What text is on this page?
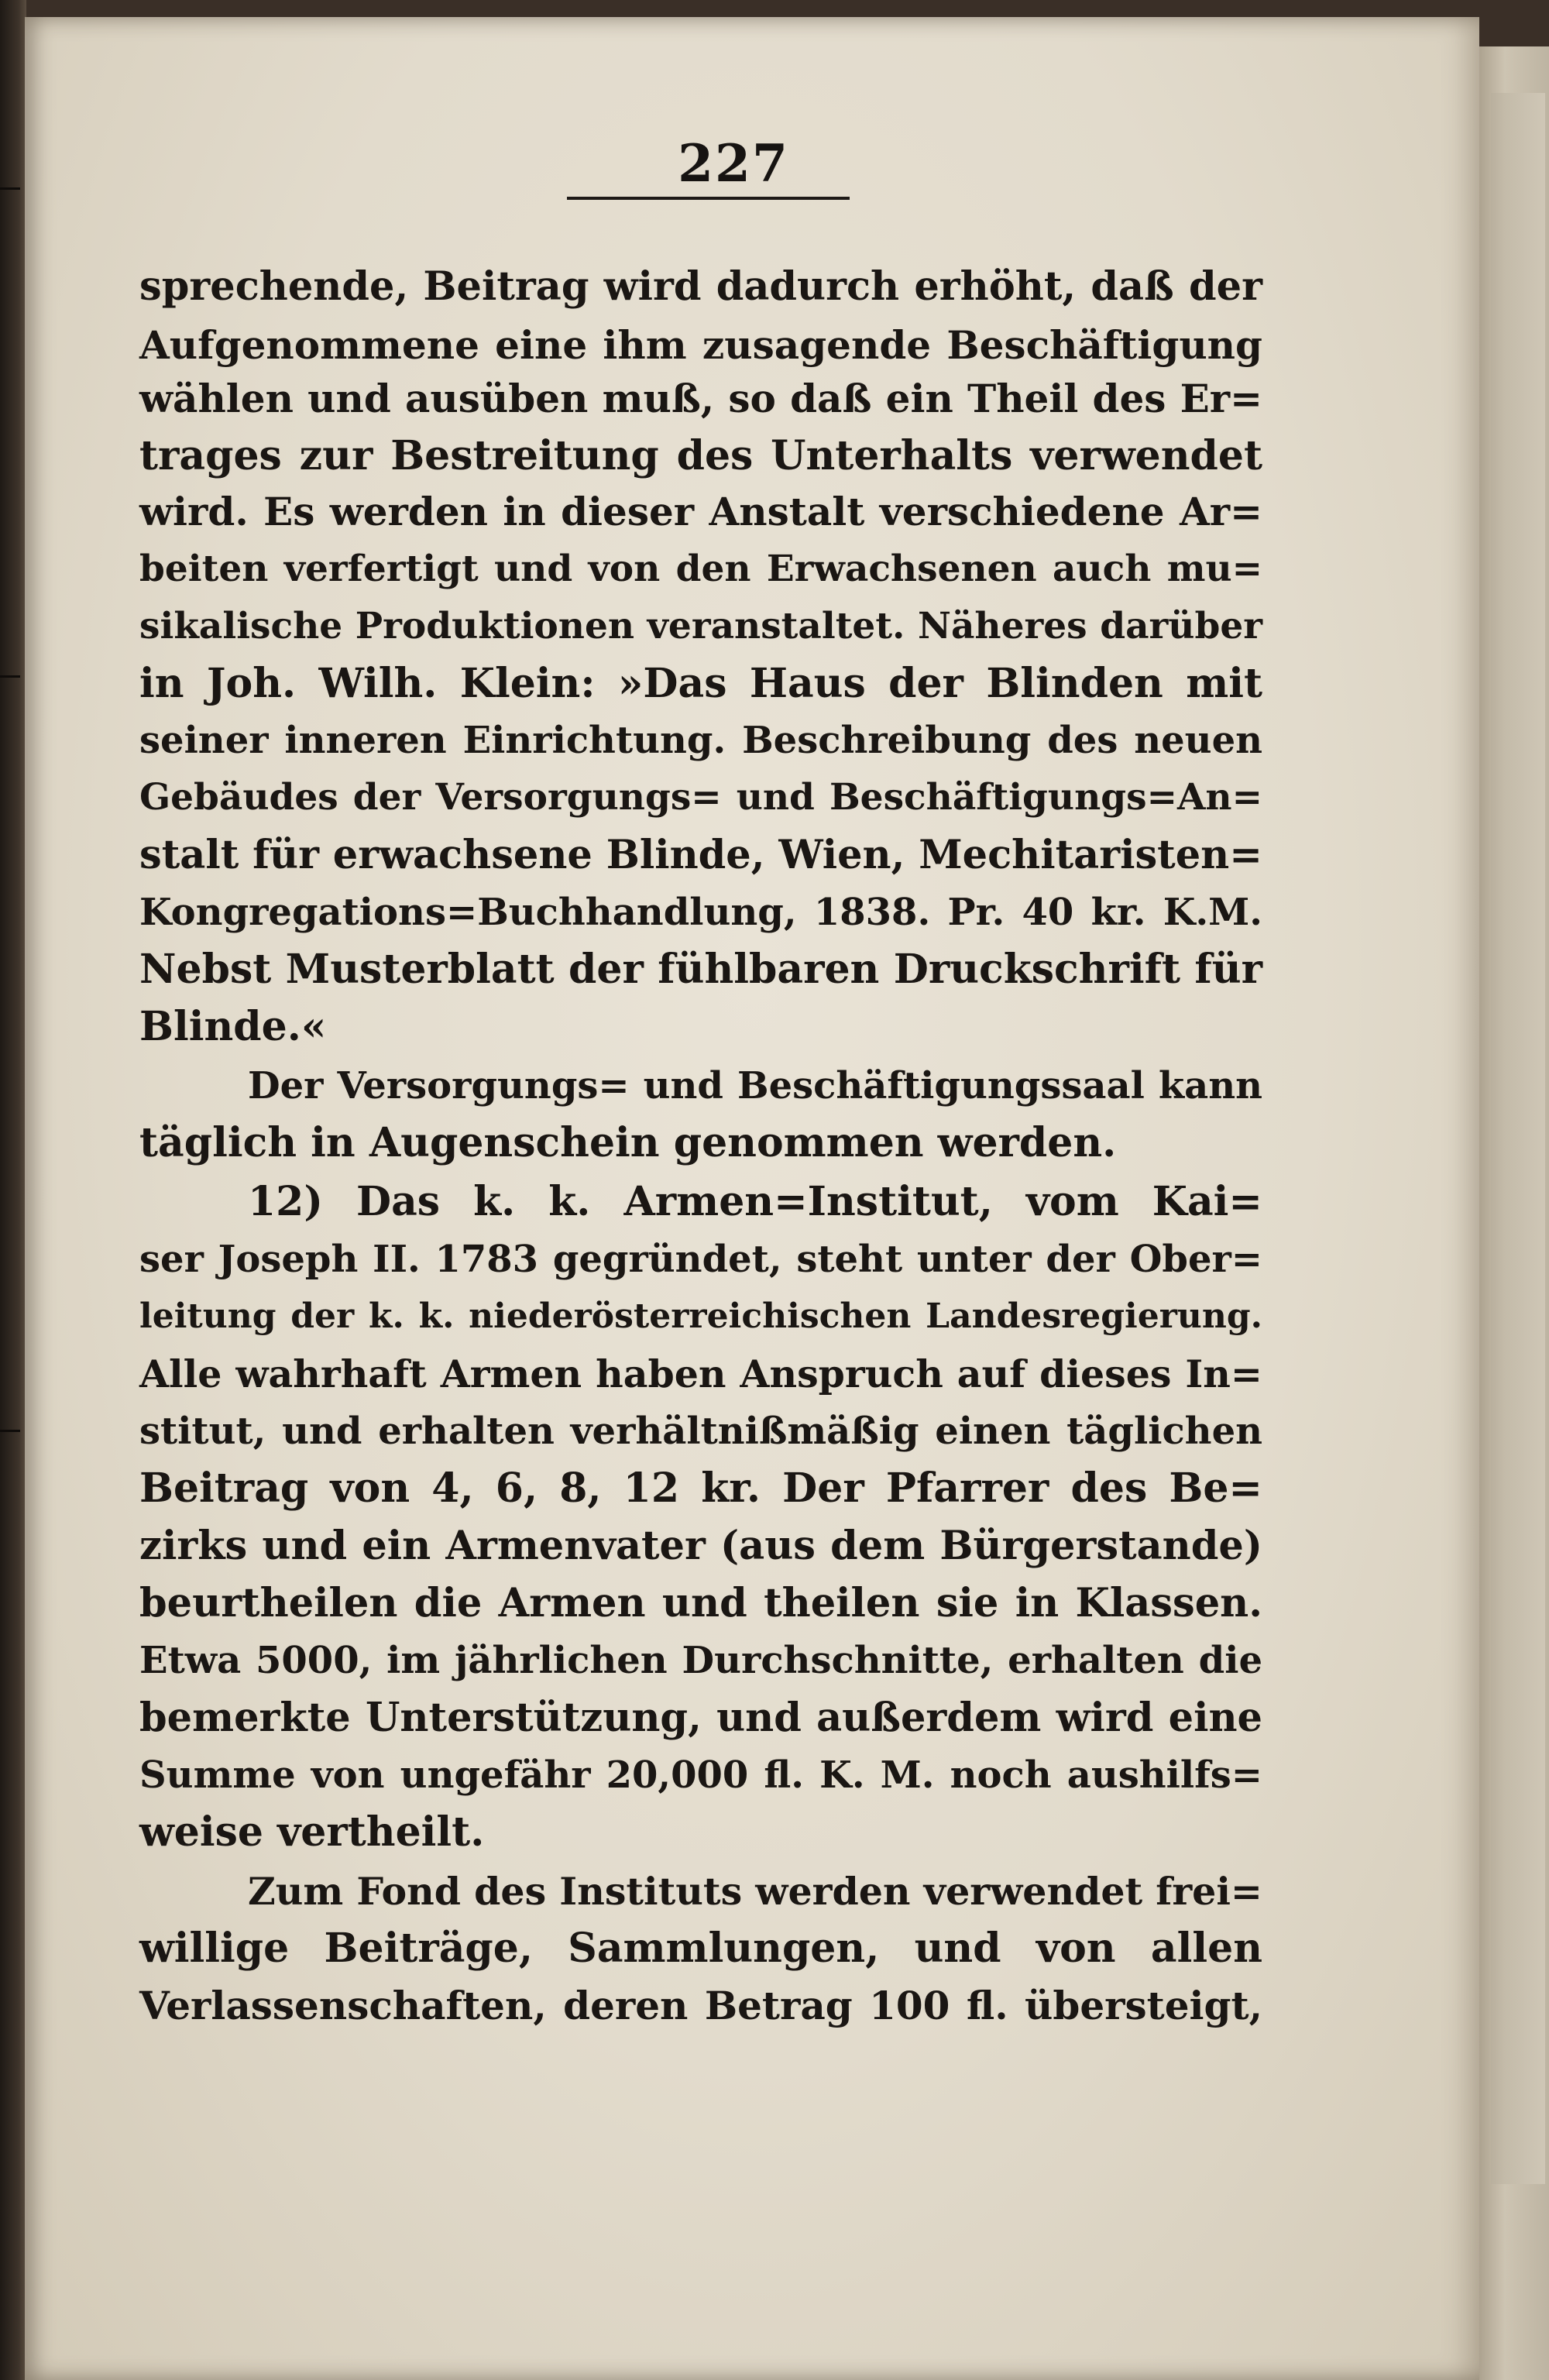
227
sprechende, Beitrag wird dadurch erhöht, daß der
Aufgenommene eine ihm zusagende Beschäftigung
wählen und ausüben muß, so daß ein Theil des Er=
trages zur Bestreitung des Unterhalts verwendet
wird. Es werden in dieser Anstalt verschiedene Ar=
beiten verfertigt und von den Erwachsenen auch mu=
sikalische Produktionen veranstaltet. Näheres darüber
in Joh. Wilh. Klein: »Das Haus der Blinden mit
seiner inneren Einrichtung. Beschreibung des neuen
Gebäudes der Versorgungs= und Beschäftigungs=An=
stalt für erwachsene Blinde, Wien, Mechitaristen=
Kongregations=Buchhandlung, 1838. Pr. 40 kr. K.M.
Nebst Musterblatt der fühlbaren Druckschrift für
Blinde.«
Der Versorgungs= und Beschäftigungssaal kann
täglich in Augenschein genommen werden.
12) Das k. k. Armen=Institut, vom Kai=
ser Joseph II. 1783 gegründet, steht unter der Ober=
leitung der k. k. niederösterreichischen Landesregierung.
Alle wahrhaft Armen haben Anspruch auf dieses In=
stitut, und erhalten verhältnißmäßig einen täglichen
Beitrag von 4, 6, 8, 12 kr. Der Pfarrer des Be=
zirks und ein Armenvater (aus dem Bürgerstande)
beurtheilen die Armen und theilen sie in Klassen.
Etwa 5000, im jährlichen Durchschnitte, erhalten die
bemerkte Unterstützung, und außerdem wird eine
Summe von ungefähr 20,000 fl. K. M. noch aushilfs=
weise vertheilt.
Zum Fond des Instituts werden verwendet frei=
willige Beiträge, Sammlungen, und von allen
Verlassenschaften, deren Betrag 100 fl. übersteigt,
